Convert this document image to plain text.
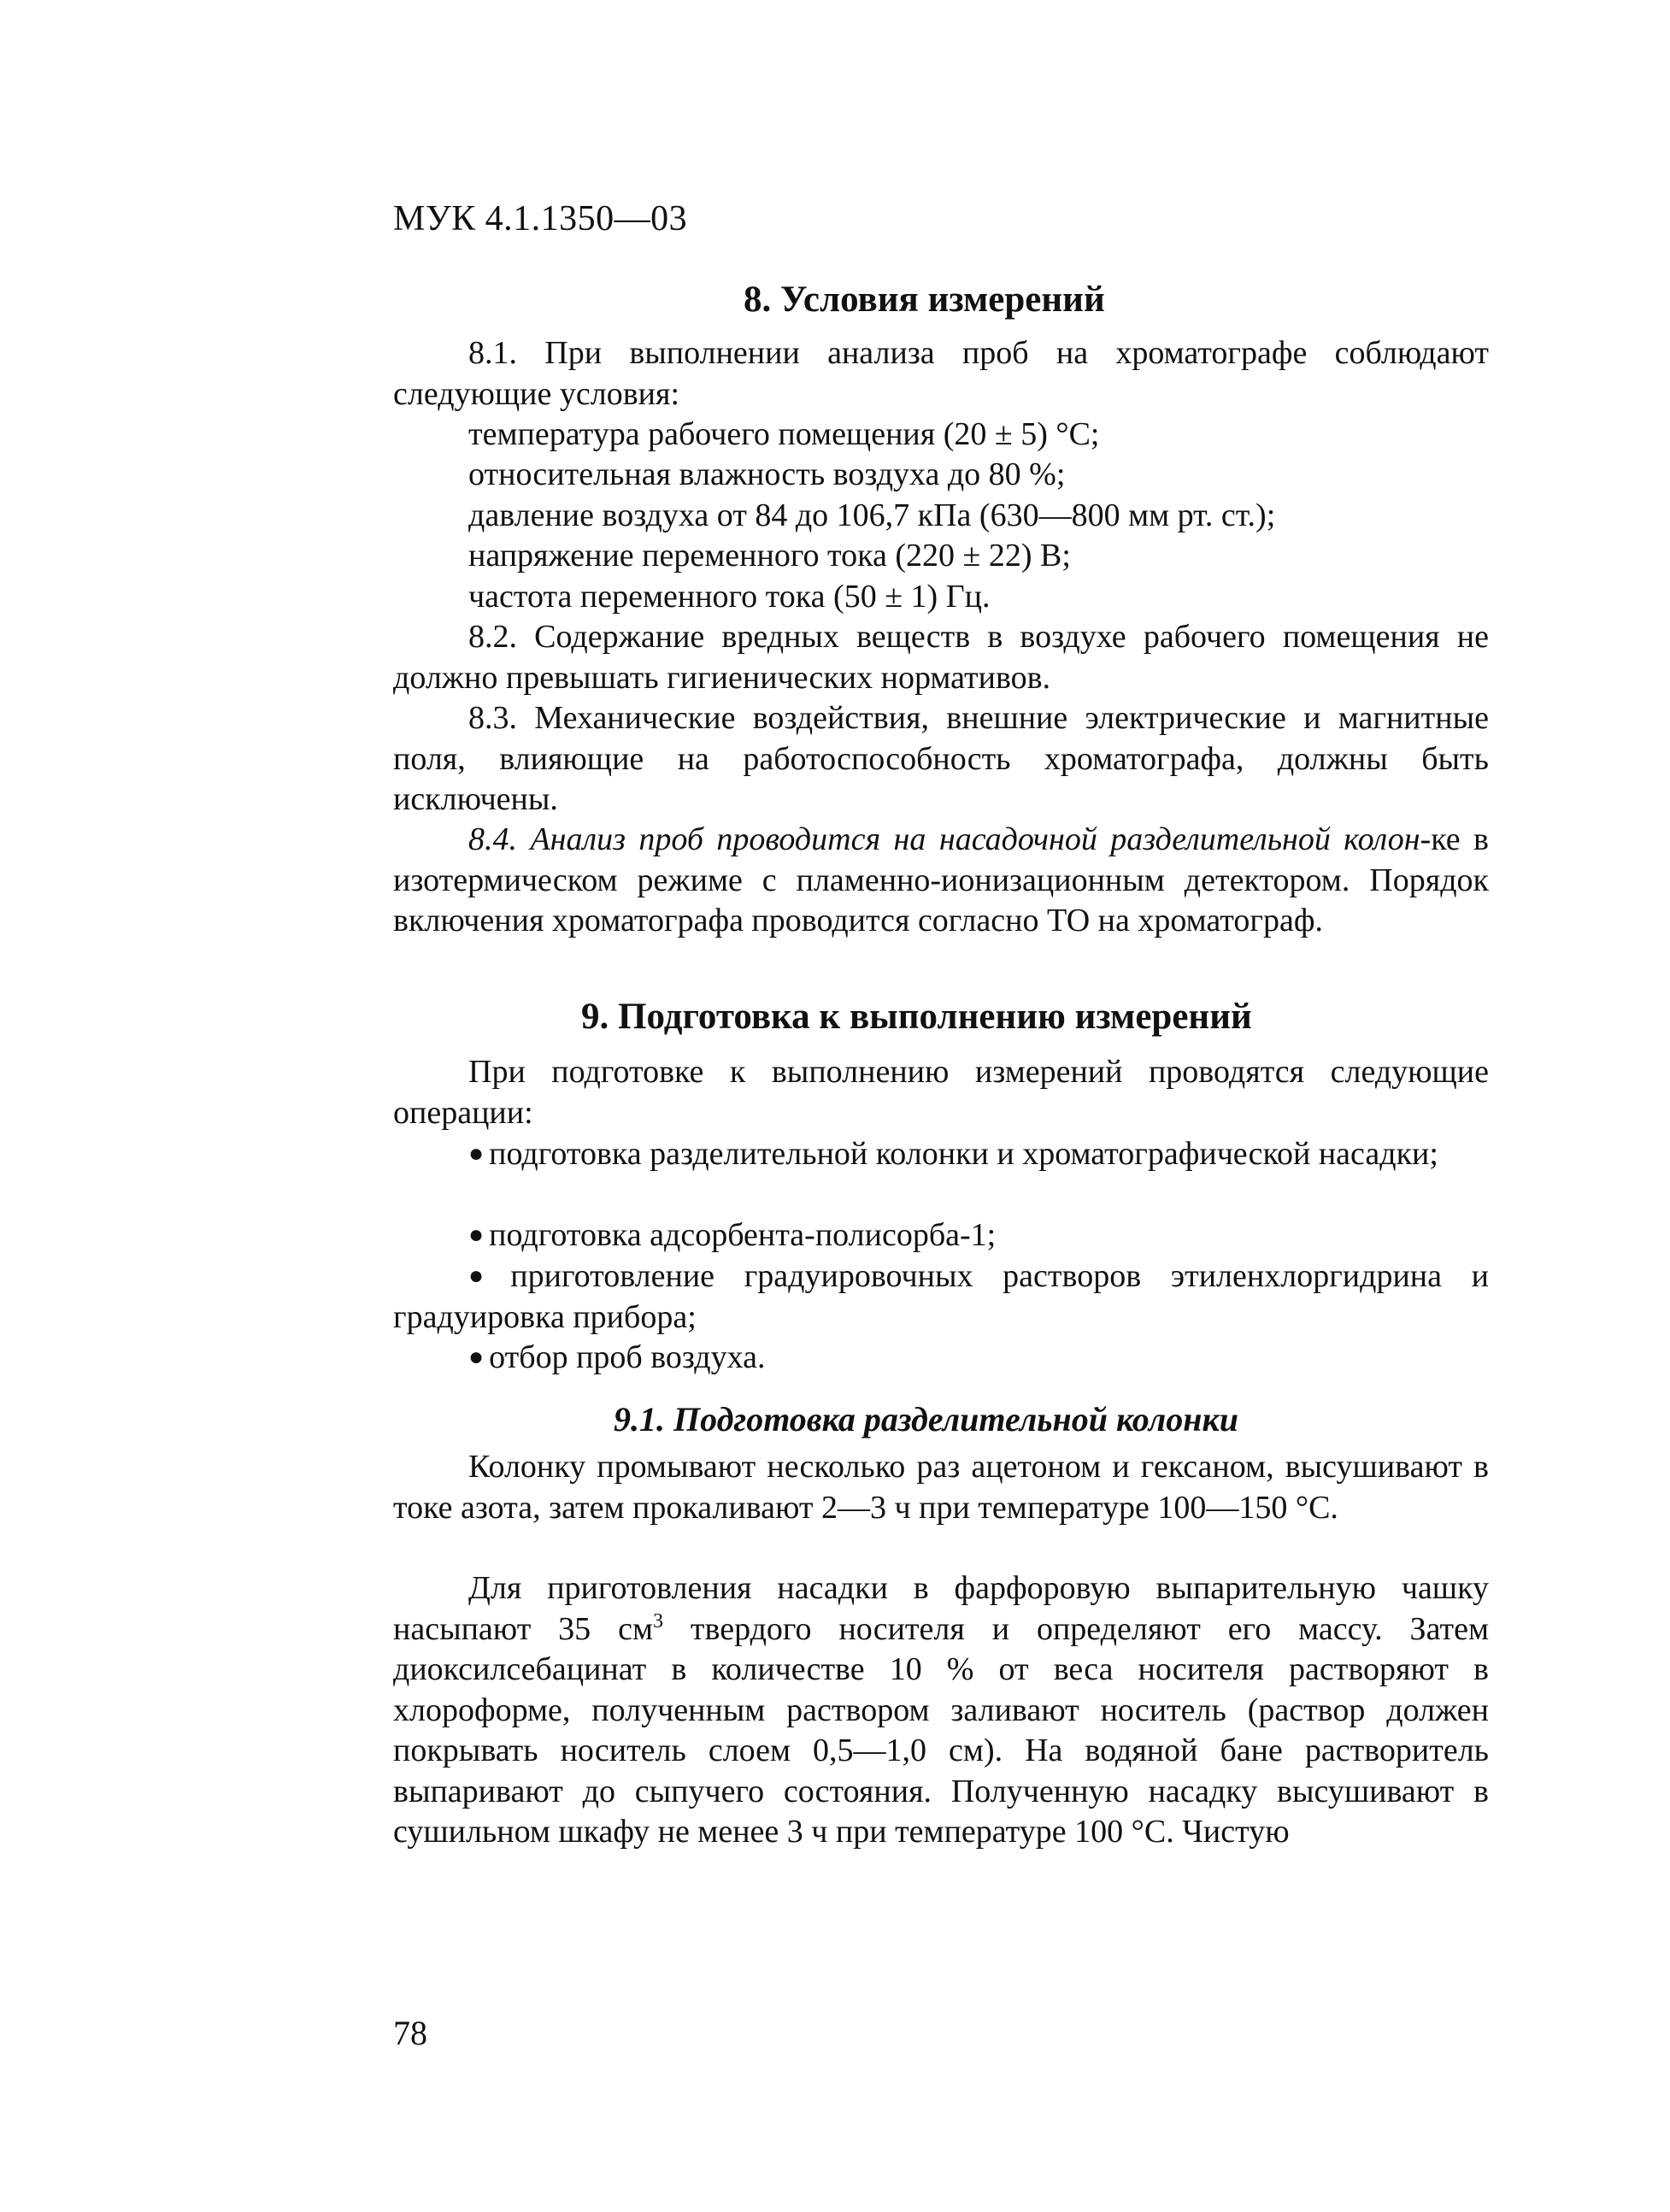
МУК 4.1.1350—03
8. Условия измерений

8.1. При выполнении анализа проб на хроматографе соблюдают следующие условия:

температура рабочего помещения (20 ± 5) °С;

относительная влажность воздуха до 80 %;

давление воздуха от 84 до 106,7 кПа (630—800 мм рт. ст.);

напряжение переменного тока (220 ± 22) В;

частота переменного тока (50 ± 1) Гц.

8.2. Содержание вредных веществ в воздухе рабочего помещения не должно превышать гигиенических нормативов.

8.3. Механические воздействия, внешние электрические и магнитные поля, влияющие на работоспособность хроматографа, должны быть исключены.

8.4. Анализ проб проводится на насадочной разделительной колон-ке в изотермическом режиме с пламенно-ионизационным детектором. Порядок включения хроматографа проводится согласно ТО на хроматограф.

9. Подготовка к выполнению измерений

При подготовке к выполнению измерений проводятся следующие операции:

● подготовка разделительной колонки и хроматографической насадки;

● подготовка адсорбента-полисорба-1;

● приготовление градуировочных растворов этиленхлоргидрина и градуировка прибора;

● отбор проб воздуха.

9.1. Подготовка разделительной колонки

Колонку промывают несколько раз ацетоном и гексаном, высушивают в токе азота, затем прокаливают 2—3 ч при температуре 100—150 °С.

Для приготовления насадки в фарфоровую выпарительную чашку насыпают 35 $см^3$ твердого носителя и определяют его массу. Затем диоксилсебацинат в количестве 10 % от веса носителя растворяют в хлороформе, полученным раствором заливают носитель (раствор должен покрывать носитель слоем 0,5—1,0 см). На водяной бане растворитель выпаривают до сыпучего состояния. Полученную насадку высушивают в сушильном шкафу не менее 3 ч при температуре 100 °С. Чистую

78
